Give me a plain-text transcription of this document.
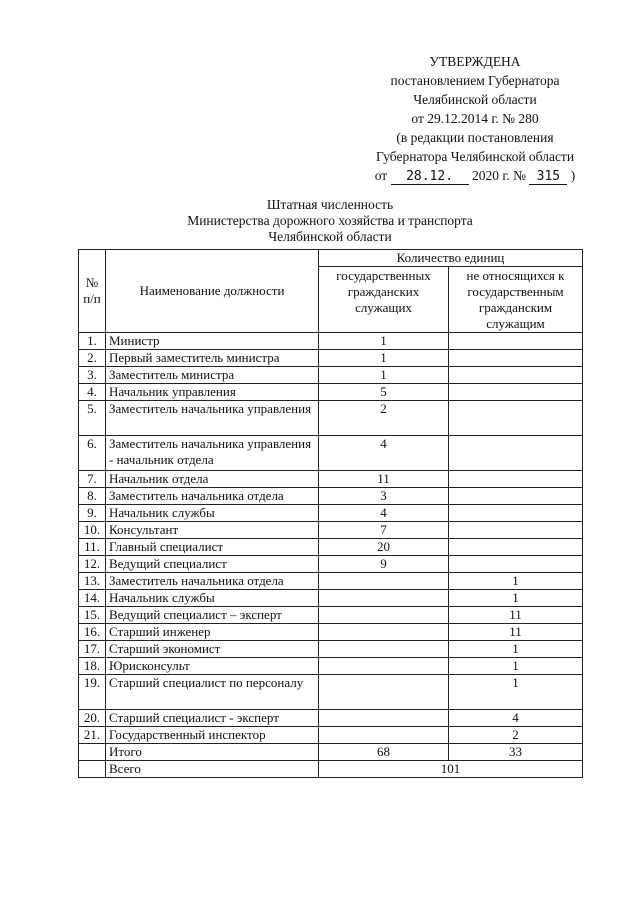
УТВЕРЖДЕНА
постановлением Губернатора
Челябинской области
от 29.12.2014 г. № 280
(в редакции постановления
Губернатора Челябинской области
от 28.12. 2020 г. № 315 )
Штатная численность
Министерства дорожного хозяйства и транспорта
Челябинской области
№ п/п	Наименование должности	Количество единиц	
		государственных гражданских служащих	не относящихся к государственным гражданским служащим
1.	Министр	1	
2.	Первый заместитель министра	1	
3.	Заместитель министра	1	
4.	Начальник управления	5	
5.	Заместитель начальника управления	2	
6.	Заместитель начальника управления - начальник отдела	4	
7.	Начальник отдела	11	
8.	Заместитель начальника отдела	3	
9.	Начальник службы	4	
10.	Консультант	7	
11.	Главный специалист	20	
12.	Ведущий специалист	9	
13.	Заместитель начальника отдела		1
14.	Начальник службы		1
15.	Ведущий специалист – эксперт		11
16.	Старший инженер		11
17.	Старший экономист		1
18.	Юрисконсульт		1
19.	Старший специалист по персоналу		1
20.	Старший специалист - эксперт		4
21.	Государственный инспектор		2
	Итого	68	33
	Всего	101	
